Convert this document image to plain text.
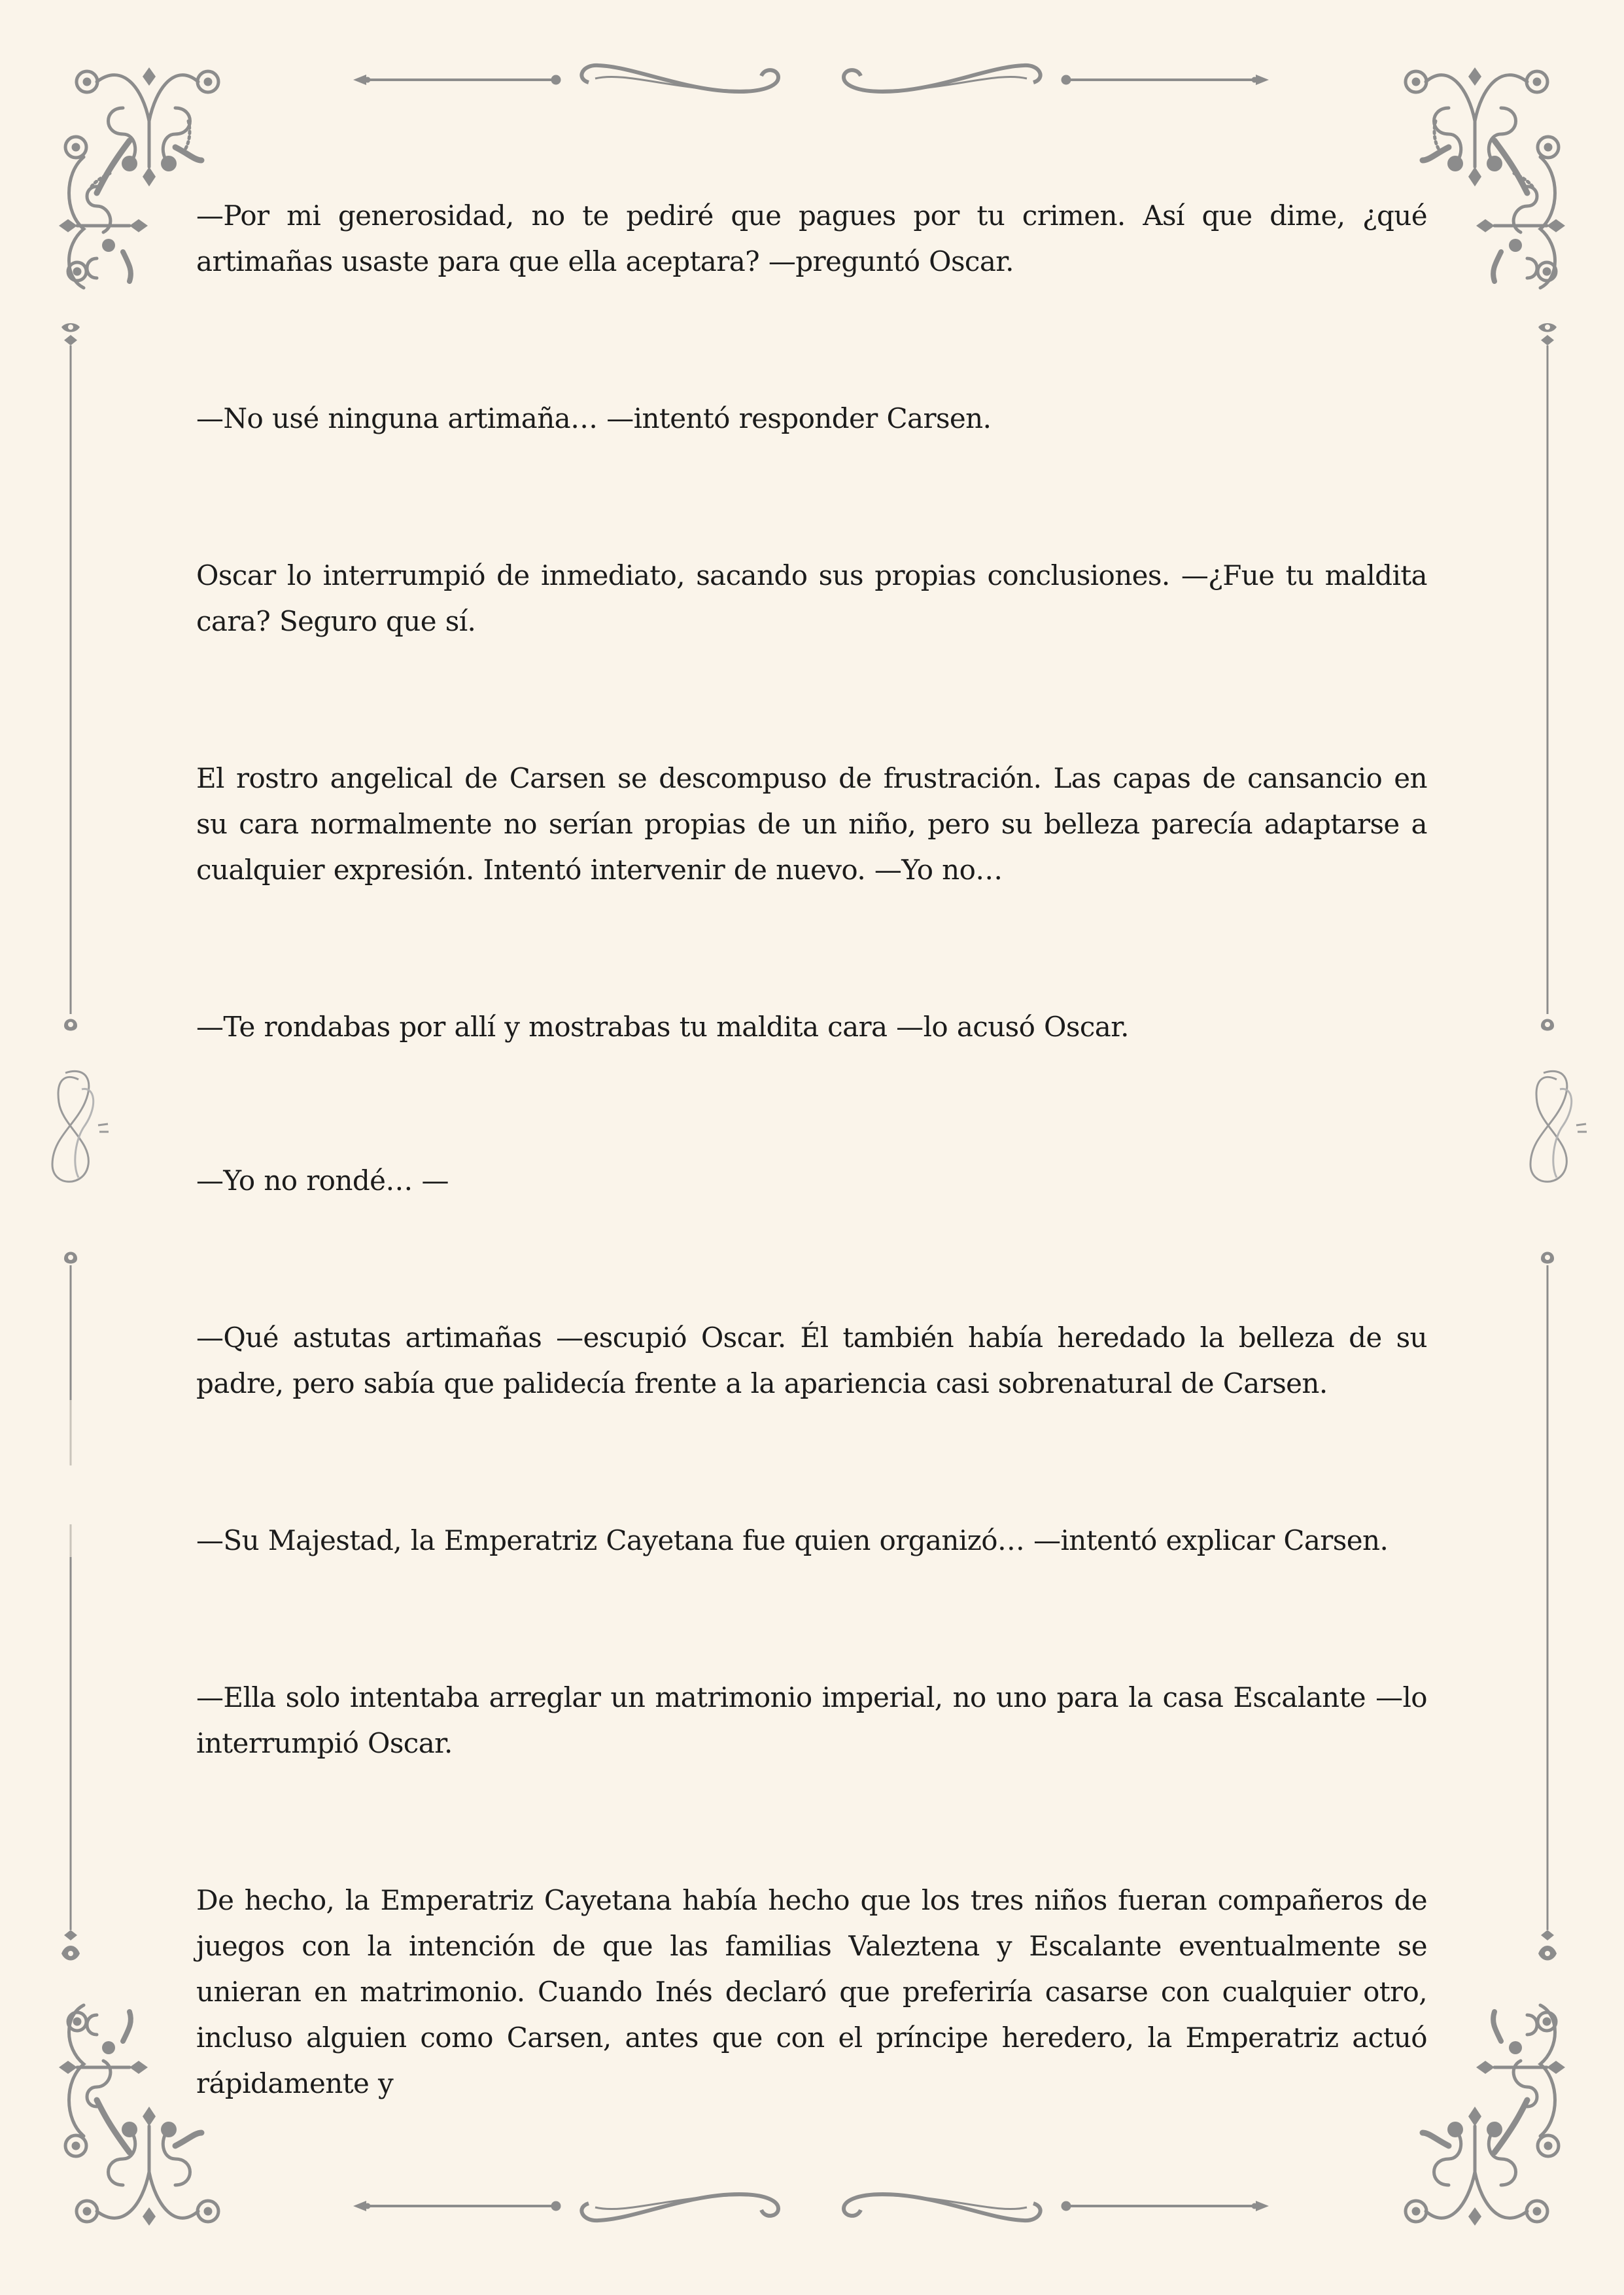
—Por mi generosidad, no te pediré que pagues por tu crimen. Así que dime, ¿qué artimañas usaste para que ella aceptara? —preguntó Oscar.

—No usé ninguna artimaña… —intentó responder Carsen.

Oscar lo interrumpió de inmediato, sacando sus propias conclusiones. —¿Fue tu maldita cara? Seguro que sí.

El rostro angelical de Carsen se descompuso de frustración. Las capas de cansancio en su cara normalmente no serían propias de un niño, pero su belleza parecía adaptarse a cualquier expresión. Intentó intervenir de nuevo. —Yo no…

—Te rondabas por allí y mostrabas tu maldita cara —lo acusó Oscar.

—Yo no rondé… —

—Qué astutas artimañas —escupió Oscar. Él también había heredado la belleza de su padre, pero sabía que palidecía frente a la apariencia casi sobrenatural de Carsen.

—Su Majestad, la Emperatriz Cayetana fue quien organizó… —intentó explicar Carsen.

—Ella solo intentaba arreglar un matrimonio imperial, no uno para la casa Escalante —lo interrumpió Oscar.

De hecho, la Emperatriz Cayetana había hecho que los tres niños fueran compañeros de juegos con la intención de que las familias Valeztena y Escalante eventualmente se unieran en matrimonio. Cuando Inés declaró que preferiría casarse con cualquier otro, incluso alguien como Carsen, antes que con el príncipe heredero, la Emperatriz actuó rápidamente y
